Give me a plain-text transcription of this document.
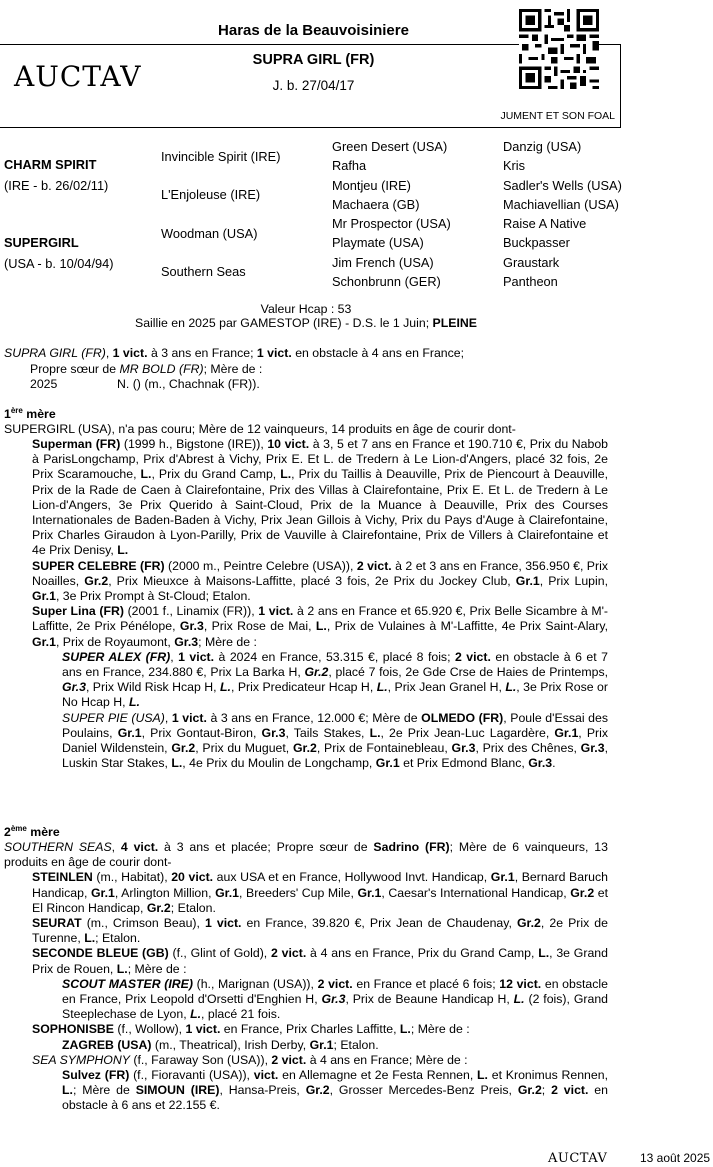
Haras de la Beauvoisiniere
SUPRA GIRL (FR)
J. b. 27/04/17
AUCTAV
JUMENT ET SON FOAL
CHARM SPIRIT
(IRE - b. 26/02/11)
SUPERGIRL
(USA - b. 10/04/94)
Invincible Spirit (IRE)
L'Enjoleuse (IRE)
Woodman (USA)
Southern Seas
Green Desert (USA)
Rafha
Montjeu (IRE)
Machaera (GB)
Mr Prospector (USA)
Playmate (USA)
Jim French (USA)
Schonbrunn (GER)
Danzig (USA)
Kris
Sadler's Wells (USA)
Machiavellian (USA)
Raise A Native
Buckpasser
Graustark
Pantheon
Valeur Hcap : 53
Saillie en 2025 par GAMESTOP (IRE) - D.S. le 1 Juin; PLEINE
SUPRA GIRL (FR), 1 vict. à 3 ans en France; 1 vict. en obstacle à 4 ans en France;
Propre sœur de MR BOLD (FR); Mère de :
2025	N. () (m., Chachnak (FR)).
1ère mère
SUPERGIRL (USA), n'a pas couru; Mère de 12 vainqueurs, 14 produits en âge de courir dont-
Superman (FR) (1999 h., Bigstone (IRE)), 10 vict. à 3, 5 et 7 ans en France et 190.710 €, Prix du Nabob à ParisLongchamp, Prix d'Abrest à Vichy, Prix E. Et L. de Tredern à Le Lion-d'Angers, placé 32 fois, 2e Prix Scaramouche, L., Prix du Grand Camp, L., Prix du Taillis à Deauville, Prix de Piencourt à Deauville, Prix de la Rade de Caen à Clairefontaine, Prix des Villas à Clairefontaine, Prix E. Et L. de Tredern à Le Lion-d'Angers, 3e Prix Querido à Saint-Cloud, Prix de la Muance à Deauville, Prix des Courses Internationales de Baden-Baden à Vichy, Prix Jean Gillois à Vichy, Prix du Pays d'Auge à Clairefontaine, Prix Charles Giraudon à Lyon-Parilly, Prix de Vauville à Clairefontaine, Prix de Villers à Clairefontaine et 4e Prix Denisy, L.
SUPER CELEBRE (FR) (2000 m., Peintre Celebre (USA)), 2 vict. à 2 et 3 ans en France, 356.950 €, Prix Noailles, Gr.2, Prix Mieuxce à Maisons-Laffitte, placé 3 fois, 2e Prix du Jockey Club, Gr.1, Prix Lupin, Gr.1, 3e Prix Prompt à St-Cloud; Etalon.
Super Lina (FR) (2001 f., Linamix (FR)), 1 vict. à 2 ans en France et 65.920 €, Prix Belle Sicambre à M'-Laffitte, 2e Prix Pénélope, Gr.3, Prix Rose de Mai, L., Prix de Vulaines à M'-Laffitte, 4e Prix Saint-Alary, Gr.1, Prix de Royaumont, Gr.3; Mère de :
SUPER ALEX (FR), 1 vict. à 2024 en France, 53.315 €, placé 8 fois; 2 vict. en obstacle à 6 et 7 ans en France, 234.880 €, Prix La Barka H, Gr.2, placé 7 fois, 2e Gde Crse de Haies de Printemps, Gr.3, Prix Wild Risk Hcap H, L., Prix Predicateur Hcap H, L., Prix Jean Granel H, L., 3e Prix Rose or No Hcap H, L.
SUPER PIE (USA), 1 vict. à 3 ans en France, 12.000 €; Mère de OLMEDO (FR), Poule d'Essai des Poulains, Gr.1, Prix Gontaut-Biron, Gr.3, Tails Stakes, L., 2e Prix Jean-Luc Lagardère, Gr.1, Prix Daniel Wildenstein, Gr.2, Prix du Muguet, Gr.2, Prix de Fontainebleau, Gr.3, Prix des Chênes, Gr.3, Luskin Star Stakes, L., 4e Prix du Moulin de Longchamp, Gr.1 et Prix Edmond Blanc, Gr.3.
2ème mère
SOUTHERN SEAS, 4 vict. à 3 ans et placée; Propre sœur de Sadrino (FR); Mère de 6 vainqueurs, 13 produits en âge de courir dont-
STEINLEN (m., Habitat), 20 vict. aux USA et en France, Hollywood Invt. Handicap, Gr.1, Bernard Baruch Handicap, Gr.1, Arlington Million, Gr.1, Breeders' Cup Mile, Gr.1, Caesar's International Handicap, Gr.2 et El Rincon Handicap, Gr.2; Etalon.
SEURAT (m., Crimson Beau), 1 vict. en France, 39.820 €, Prix Jean de Chaudenay, Gr.2, 2e Prix de Turenne, L.; Etalon.
SECONDE BLEUE (GB) (f., Glint of Gold), 2 vict. à 4 ans en France, Prix du Grand Camp, L., 3e Grand Prix de Rouen, L.; Mère de :
SCOUT MASTER (IRE) (h., Marignan (USA)), 2 vict. en France et placé 6 fois; 12 vict. en obstacle en France, Prix Leopold d'Orsetti d'Enghien H, Gr.3, Prix de Beaune Handicap H, L. (2 fois), Grand Steeplechase de Lyon, L., placé 21 fois.
SOPHONISBE (f., Wollow), 1 vict. en France, Prix Charles Laffitte, L.; Mère de :
ZAGREB (USA) (m., Theatrical), Irish Derby, Gr.1; Etalon.
SEA SYMPHONY (f., Faraway Son (USA)), 2 vict. à 4 ans en France; Mère de :
Sulvez (FR) (f., Fioravanti (USA)), vict. en Allemagne et 2e Festa Rennen, L. et Kronimus Rennen, L.; Mère de SIMOUN (IRE), Hansa-Preis, Gr.2, Grosser Mercedes-Benz Preis, Gr.2; 2 vict. en obstacle à 6 ans et 22.155 €.
AUCTAV	13 août 2025
